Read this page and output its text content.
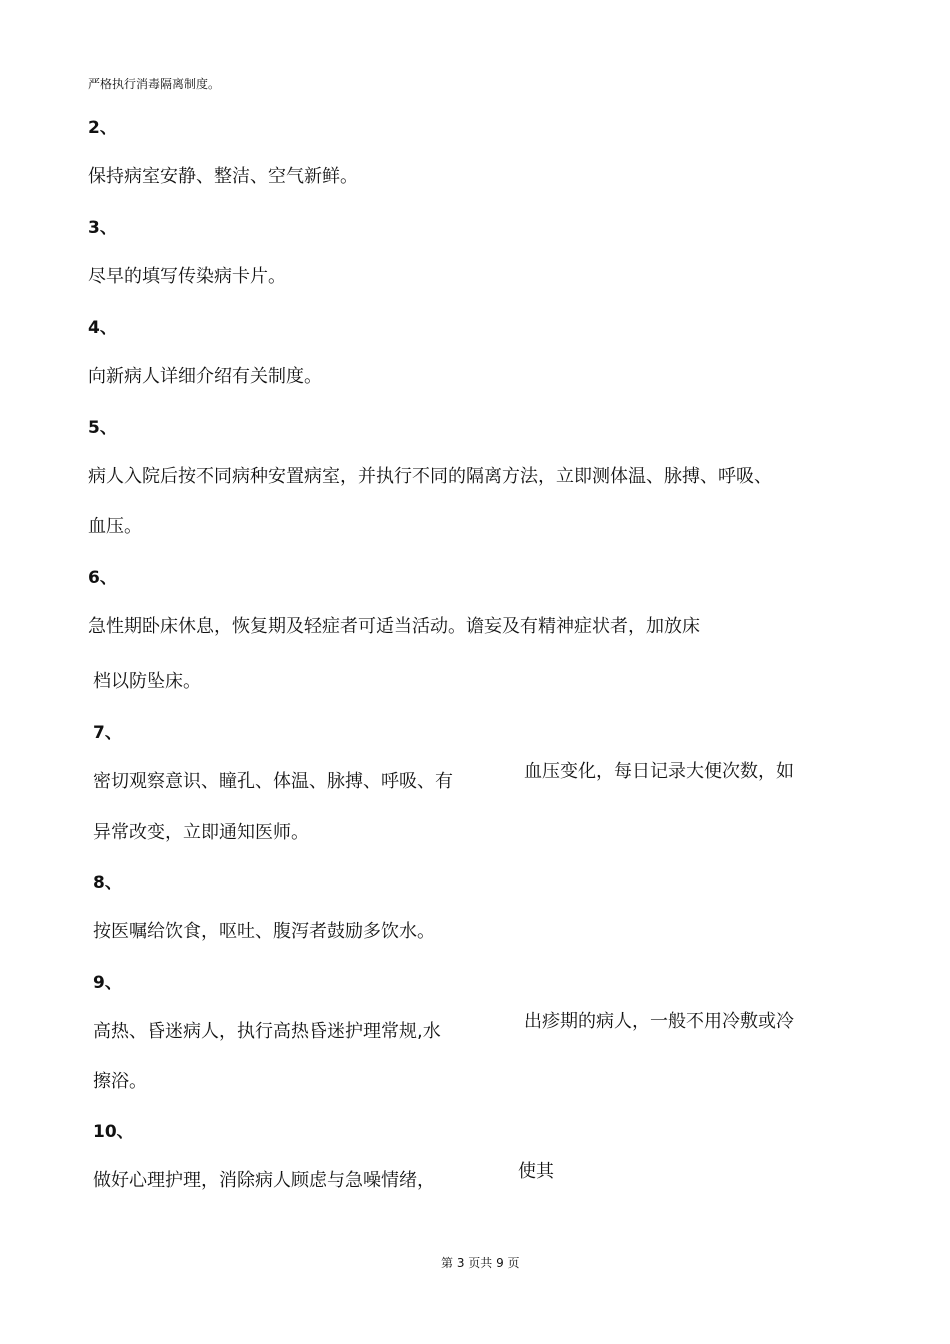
严格执行消毒隔离制度。
2、
保持病室安静、整洁、空气新鲜。
3、
尽早的填写传染病卡片。
4、
向新病人详细介绍有关制度。
5、
病人入院后按不同病种安置病室，并执行不同的隔离方法，立即测体温、脉搏、呼吸、
血压。
6、
急性期卧床休息，恢复期及轻症者可适当活动。谵妄及有精神症状者，加放床
档以防坠床。
7、
密切观察意识、瞳孔、体温、脉搏、呼吸、有	血压变化，每日记录大便次数，如
异常改变，立即通知医师。
8、
按医嘱给饮食，呕吐、腹泻者鼓励多饮水。
9、
高热、昏迷病人，执行高热昏迷护理常规,水	出疹期的病人，一般不用冷敷或冷
擦浴。
10、
做好心理护理，消除病人顾虑与急噪情绪，	使其
第 3 页共 9 页
